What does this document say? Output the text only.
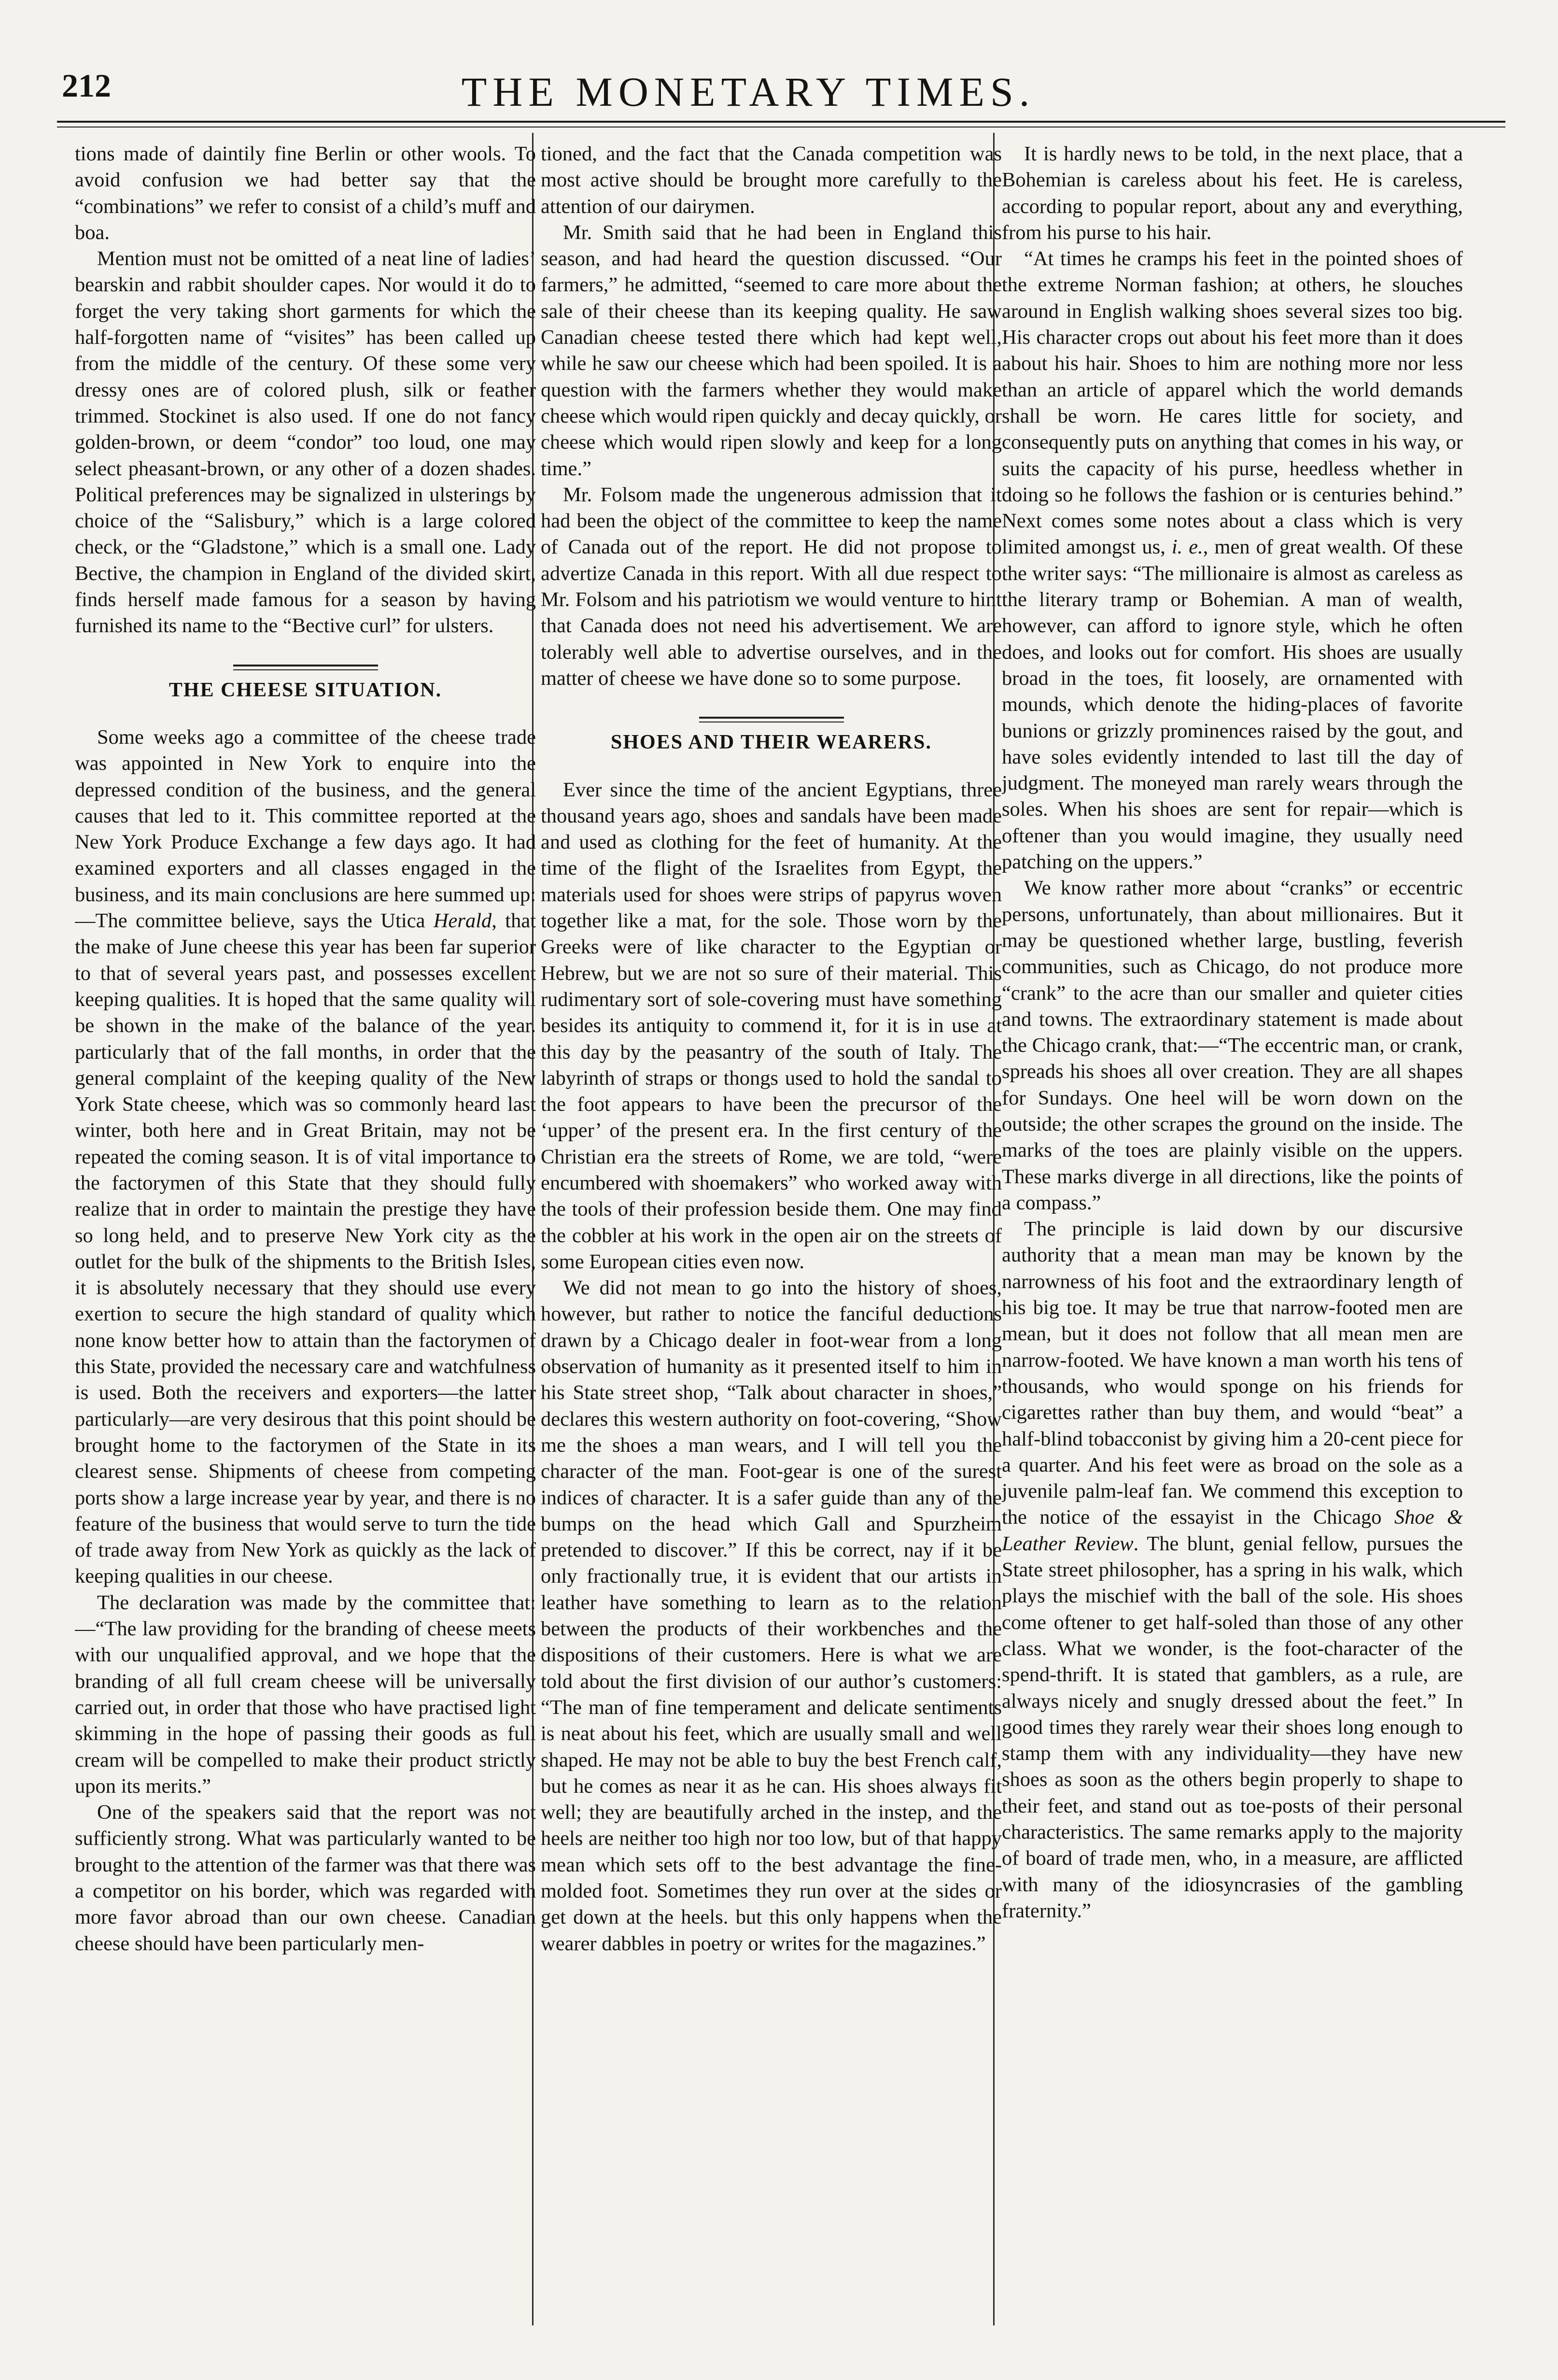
212	THE MONETARY TIMES.

tions made of daintily fine Berlin or other wools. To avoid confusion we had better say that the “combinations” we refer to consist of a child’s muff and boa.

Mention must not be omitted of a neat line of ladies’ bearskin and rabbit shoulder capes. Nor would it do to forget the very taking short garments for which the half-forgotten name of “visites” has been called up from the middle of the century. Of these some very dressy ones are of colored plush, silk or feather trimmed. Stockinet is also used. If one do not fancy golden-brown, or deem “condor” too loud, one may select pheasant-brown, or any other of a dozen shades. Political preferences may be signalized in ulsterings by choice of the “Salisbury,” which is a large colored check, or the “Gladstone,” which is a small one. Lady Bective, the champion in England of the divided skirt, finds herself made famous for a season by having furnished its name to the “Bective curl” for ulsters.

THE CHEESE SITUATION.

Some weeks ago a committee of the cheese trade was appointed in New York to enquire into the depressed condition of the business, and the general causes that led to it. This committee reported at the New York Produce Exchange a few days ago. It had examined exporters and all classes engaged in the business, and its main conclusions are here summed up:—The committee believe, says the Utica Herald, that the make of June cheese this year has been far superior to that of several years past, and possesses excellent keeping qualities. It is hoped that the same quality will be shown in the make of the balance of the year. particularly that of the fall months, in order that the general complaint of the keeping quality of the New York State cheese, which was so commonly heard last winter, both here and in Great Britain, may not be repeated the coming season. It is of vital importance to the factorymen of this State that they should fully realize that in order to maintain the prestige they have so long held, and to preserve New York city as the outlet for the bulk of the shipments to the British Isles, it is absolutely necessary that they should use every exertion to secure the high standard of quality which none know better how to attain than the factorymen of this State, provided the necessary care and watchfulness is used. Both the receivers and exporters—the latter particularly—are very desirous that this point should be brought home to the factorymen of the State in its clearest sense. Shipments of cheese from competing ports show a large increase year by year, and there is no feature of the business that would serve to turn the tide of trade away from New York as quickly as the lack of keeping qualities in our cheese.

The declaration was made by the committee that:—“The law providing for the branding of cheese meets with our unqualified approval, and we hope that the branding of all full cream cheese will be universally carried out, in order that those who have practised light skimming in the hope of passing their goods as full cream will be compelled to make their product strictly upon its merits.”

One of the speakers said that the report was not sufficiently strong. What was particularly wanted to be brought to the attention of the farmer was that there was a competitor on his border, which was regarded with more favor abroad than our own cheese. Canadian cheese should have been particularly men-

tioned, and the fact that the Canada competition was most active should be brought more carefully to the attention of our dairymen.

Mr. Smith said that he had been in England this season, and had heard the question discussed. “Our farmers,” he admitted, “seemed to care more about the sale of their cheese than its keeping quality. He saw Canadian cheese tested there which had kept well, while he saw our cheese which had been spoiled. It is a question with the farmers whether they would make cheese which would ripen quickly and decay quickly, or cheese which would ripen slowly and keep for a long time.”

Mr. Folsom made the ungenerous admission that it had been the object of the committee to keep the name of Canada out of the report. He did not propose to advertize Canada in this report. With all due respect to Mr. Folsom and his patriotism we would venture to hint that Canada does not need his advertisement. We are tolerably well able to advertise ourselves, and in the matter of cheese we have done so to some purpose.

SHOES AND THEIR WEARERS.

Ever since the time of the ancient Egyptians, three thousand years ago, shoes and sandals have been made and used as clothing for the feet of humanity. At the time of the flight of the Israelites from Egypt, the materials used for shoes were strips of papyrus woven together like a mat, for the sole. Those worn by the Greeks were of like character to the Egyptian or Hebrew, but we are not so sure of their material. This rudimentary sort of sole-covering must have something besides its antiquity to commend it, for it is in use at this day by the peasantry of the south of Italy. The labyrinth of straps or thongs used to hold the sandal to the foot appears to have been the precursor of the ‘upper’ of the present era. In the first century of the Christian era the streets of Rome, we are told, “were encumbered with shoemakers” who worked away with the tools of their profession beside them. One may find the cobbler at his work in the open air on the streets of some European cities even now.

We did not mean to go into the history of shoes, however, but rather to notice the fanciful deductions drawn by a Chicago dealer in foot-wear from a long observation of humanity as it presented itself to him in his State street shop, “Talk about character in shoes,” declares this western authority on foot-covering, “Show me the shoes a man wears, and I will tell you the character of the man. Foot-gear is one of the surest indices of character. It is a safer guide than any of the bumps on the head which Gall and Spurzheim pretended to discover.” If this be correct, nay if it be only fractionally true, it is evident that our artists in leather have something to learn as to the relation between the products of their workbenches and the dispositions of their customers. Here is what we are told about the first division of our author’s customers: “The man of fine temperament and delicate sentiments is neat about his feet, which are usually small and well shaped. He may not be able to buy the best French calf, but he comes as near it as he can. His shoes always fit well; they are beautifully arched in the instep, and the heels are neither too high nor too low, but of that happy mean which sets off to the best advantage the fine-molded foot. Sometimes they run over at the sides or get down at the heels. but this only happens when the wearer dabbles in poetry or writes for the magazines.”

It is hardly news to be told, in the next place, that a Bohemian is careless about his feet. He is careless, according to popular report, about any and everything, from his purse to his hair.

“At times he cramps his feet in the pointed shoes of the extreme Norman fashion; at others, he slouches around in English walking shoes several sizes too big. His character crops out about his feet more than it does about his hair. Shoes to him are nothing more nor less than an article of apparel which the world demands shall be worn. He cares little for society, and consequently puts on anything that comes in his way, or suits the capacity of his purse, heedless whether in doing so he follows the fashion or is centuries behind.” Next comes some notes about a class which is very limited amongst us, i. e., men of great wealth. Of these the writer says: “The millionaire is almost as careless as the literary tramp or Bohemian. A man of wealth, however, can afford to ignore style, which he often does, and looks out for comfort. His shoes are usually broad in the toes, fit loosely, are ornamented with mounds, which denote the hiding-places of favorite bunions or grizzly prominences raised by the gout, and have soles evidently intended to last till the day of judgment. The moneyed man rarely wears through the soles. When his shoes are sent for repair—which is oftener than you would imagine, they usually need patching on the uppers.”

We know rather more about “cranks” or eccentric persons, unfortunately, than about millionaires. But it may be questioned whether large, bustling, feverish communities, such as Chicago, do not produce more “crank” to the acre than our smaller and quieter cities and towns. The extraordinary statement is made about the Chicago crank, that:—“The eccentric man, or crank, spreads his shoes all over creation. They are all shapes for Sundays. One heel will be worn down on the outside; the other scrapes the ground on the inside. The marks of the toes are plainly visible on the uppers. These marks diverge in all directions, like the points of a compass.”

The principle is laid down by our discursive authority that a mean man may be known by the narrowness of his foot and the extraordinary length of his big toe. It may be true that narrow-footed men are mean, but it does not follow that all mean men are narrow-footed. We have known a man worth his tens of thousands, who would sponge on his friends for cigarettes rather than buy them, and would “beat” a half-blind tobacconist by giving him a 20-cent piece for a quarter. And his feet were as broad on the sole as a juvenile palm-leaf fan. We commend this exception to the notice of the essayist in the Chicago Shoe & Leather Review. The blunt, genial fellow, pursues the State street philosopher, has a spring in his walk, which plays the mischief with the ball of the sole. His shoes come oftener to get half-soled than those of any other class. What we wonder, is the foot-character of the spend-thrift. It is stated that gamblers, as a rule, are always nicely and snugly dressed about the feet.” In good times they rarely wear their shoes long enough to stamp them with any individuality—they have new shoes as soon as the others begin properly to shape to their feet, and stand out as toe-posts of their personal characteristics. The same remarks apply to the majority of board of trade men, who, in a measure, are afflicted with many of the idiosyncrasies of the gambling fraternity.”
